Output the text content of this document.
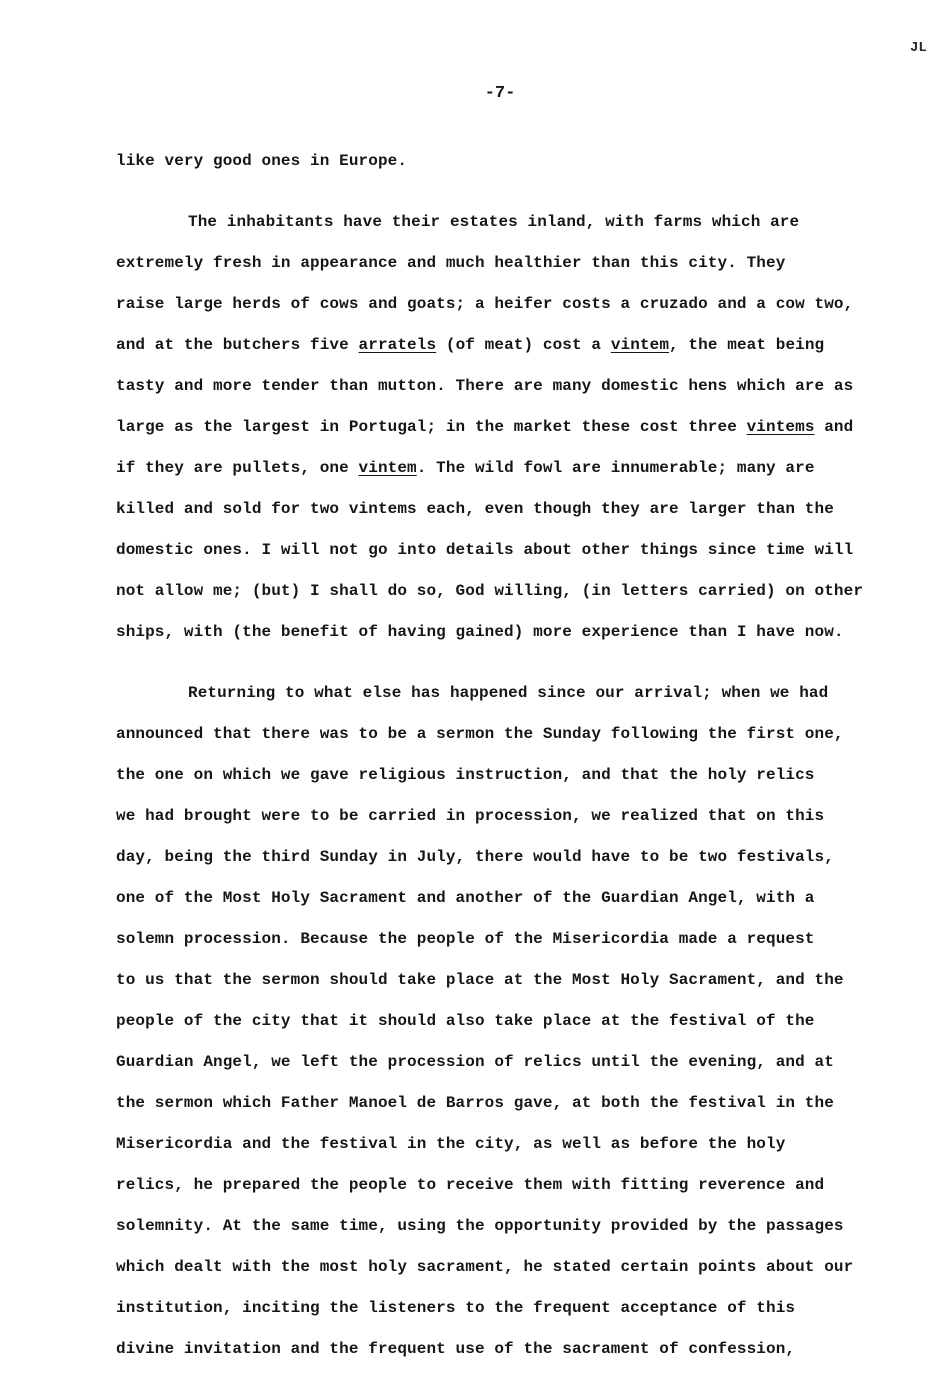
JL
-7-
like very good ones in Europe.
The inhabitants have their estates inland, with farms which are
extremely fresh in appearance and much healthier than this city. They
raise large herds of cows and goats; a heifer costs a cruzado and a cow two,
and at the butchers five arratels (of meat) cost a vintem, the meat being
tasty and more tender than mutton. There are many domestic hens which are as
large as the largest in Portugal; in the market these cost three vintems and
if they are pullets, one vintem. The wild fowl are innumerable; many are
killed and sold for two vintems each, even though they are larger than the
domestic ones. I will not go into details about other things since time will
not allow me; (but) I shall do so, God willing, (in letters carried) on other
ships, with (the benefit of having gained) more experience than I have now.
Returning to what else has happened since our arrival; when we had
announced that there was to be a sermon the Sunday following the first one,
the one on which we gave religious instruction, and that the holy relics
we had brought were to be carried in procession, we realized that on this
day, being the third Sunday in July, there would have to be two festivals,
one of the Most Holy Sacrament and another of the Guardian Angel, with a
solemn procession. Because the people of the Misericordia made a request
to us that the sermon should take place at the Most Holy Sacrament, and the
people of the city that it should also take place at the festival of the
Guardian Angel, we left the procession of relics until the evening, and at
the sermon which Father Manoel de Barros gave, at both the festival in the
Misericordia and the festival in the city, as well as before the holy
relics, he prepared the people to receive them with fitting reverence and
solemnity. At the same time, using the opportunity provided by the passages
which dealt with the most holy sacrament, he stated certain points about our
institution, inciting the listeners to the frequent acceptance of this
divine invitation and the frequent use of the sacrament of confession,
